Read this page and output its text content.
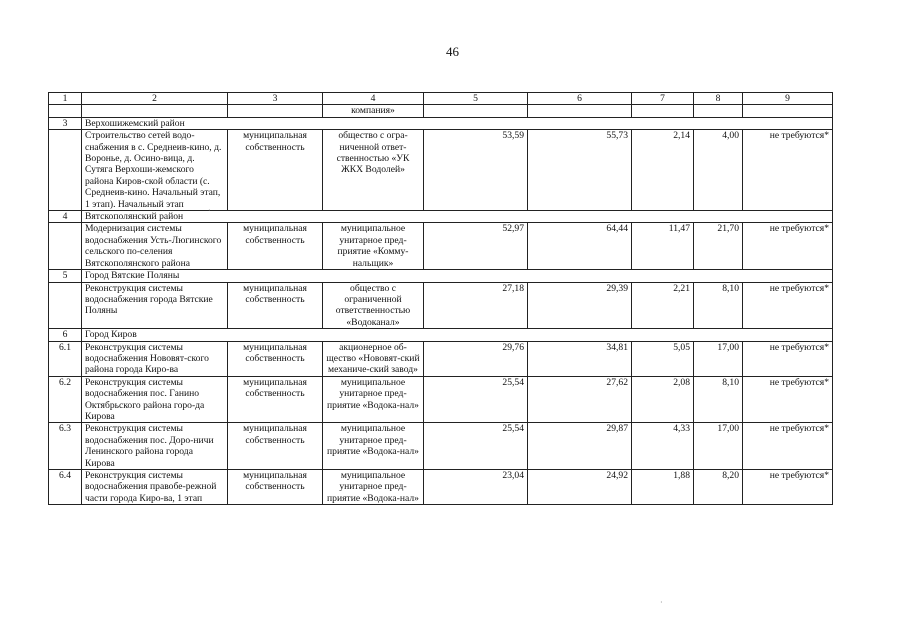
46
1	2	3	4	5	6	7	8	9
			компания»					
3	Верхошижемский район							
	Строительство сетей водо-снабжения в с. Среднеив-кино, д. Воронье, д. Осино-вица, д. Сутяга Верхоши-жемского района Киров-ской области (с. Среднеив-кино. Начальный этап, 1 этап). Начальный этап	муниципальная собственность	общество с огра-ниченной ответ-ственностью «УК ЖКХ Водолей»	53,59	55,73	2,14	4,00	не требуются*
4	Вятскополянский район							
	Модернизация системы водоснабжения Усть-Люгинского сельского по-селения Вятскополянского района	муниципальная собственность	муниципальное унитарное пред-приятие «Комму-нальщик»	52,97	64,44	11,47	21,70	не требуются*
5	Город Вятские Поляны							
	Реконструкция системы водоснабжения города Вятские Поляны	муниципальная собственность	общество с ограниченной ответственностью «Водоканал»	27,18	29,39	2,21	8,10	не требуются*
6	Город Киров							
6.1	Реконструкция системы водоснабжения Нововят-ского района города Киро-ва	муниципальная собственность	акционерное об-щество «Нововят-ский механиче-ский завод»	29,76	34,81	5,05	17,00	не требуются*
6.2	Реконструкция системы водоснабжения пос. Ганино Октябрьского района горо-да Кирова	муниципальная собственность	муниципальное унитарное пред-приятие «Водока-нал»	25,54	27,62	2,08	8,10	не требуются*
6.3	Реконструкция системы водоснабжения пос. Доро-ничи Ленинского района города Кирова	муниципальная собственность	муниципальное унитарное пред-приятие «Водока-нал»	25,54	29,87	4,33	17,00	не требуются*
6.4	Реконструкция системы водоснабжения правобе-режной части города Киро-ва, 1 этап	муниципальная собственность	муниципальное унитарное пред-приятие «Водока-нал»	23,04	24,92	1,88	8,20	не требуются*
·
·
